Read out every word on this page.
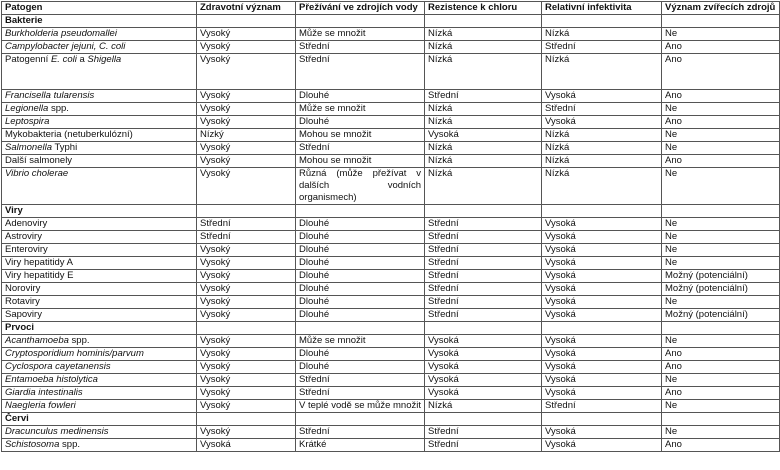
Patogen	Zdravotní význam	Přežívání ve zdrojích vody	Rezistence k chloru	Relativní infektivita	Význam zvířecích zdrojů
Bakterie					
Burkholderia pseudomallei	Vysoký	Může se množit	Nízká	Nízká	Ne
Campylobacter jejuni, C. coli	Vysoký	Střední	Nízká	Střední	Ano
Patogenní E. coli a Shigella	Vysoký	Střední	Nízká	Nízká	Ano
Francisella tularensis	Vysoký	Dlouhé	Střední	Vysoká	Ano
Legionella spp.	Vysoký	Může se množit	Nízká	Střední	Ne
Leptospira	Vysoký	Dlouhé	Nízká	Vysoká	Ano
Mykobakteria (netuberkulózní)	Nízký	Mohou se množit	Vysoká	Nízká	Ne
Salmonella Typhi	Vysoký	Střední	Nízká	Nízká	Ne
Další salmonely	Vysoký	Mohou se množit	Nízká	Nízká	Ano
Vibrio cholerae	Vysoký	Různá (může přežívat v dalších vodních organismech)	Nízká	Nízká	Ne
Viry					
Adenoviry	Střední	Dlouhé	Střední	Vysoká	Ne
Astroviry	Střední	Dlouhé	Střední	Vysoká	Ne
Enteroviry	Vysoký	Dlouhé	Střední	Vysoká	Ne
Viry hepatitidy A	Vysoký	Dlouhé	Střední	Vysoká	Ne
Viry hepatitidy E	Vysoký	Dlouhé	Střední	Vysoká	Možný (potenciální)
Noroviry	Vysoký	Dlouhé	Střední	Vysoká	Možný (potenciální)
Rotaviry	Vysoký	Dlouhé	Střední	Vysoká	Ne
Sapoviry	Vysoký	Dlouhé	Střední	Vysoká	Možný (potenciální)
Prvoci					
Acanthamoeba spp.	Vysoký	Může se množit	Vysoká	Vysoká	Ne
Cryptosporidium hominis/parvum	Vysoký	Dlouhé	Vysoká	Vysoká	Ano
Cyclospora cayetanensis	Vysoký	Dlouhé	Vysoká	Vysoká	Ano
Entamoeba histolytica	Vysoký	Střední	Vysoká	Vysoká	Ne
Giardia intestinalis	Vysoký	Střední	Vysoká	Vysoká	Ano
Naegleria fowleri	Vysoký	V teplé vodě se může množit	Nízká	Střední	Ne
Červi					
Dracunculus medinensis	Vysoký	Střední	Střední	Vysoká	Ne
Schistosoma spp.	Vysoká	Krátké	Střední	Vysoká	Ano
